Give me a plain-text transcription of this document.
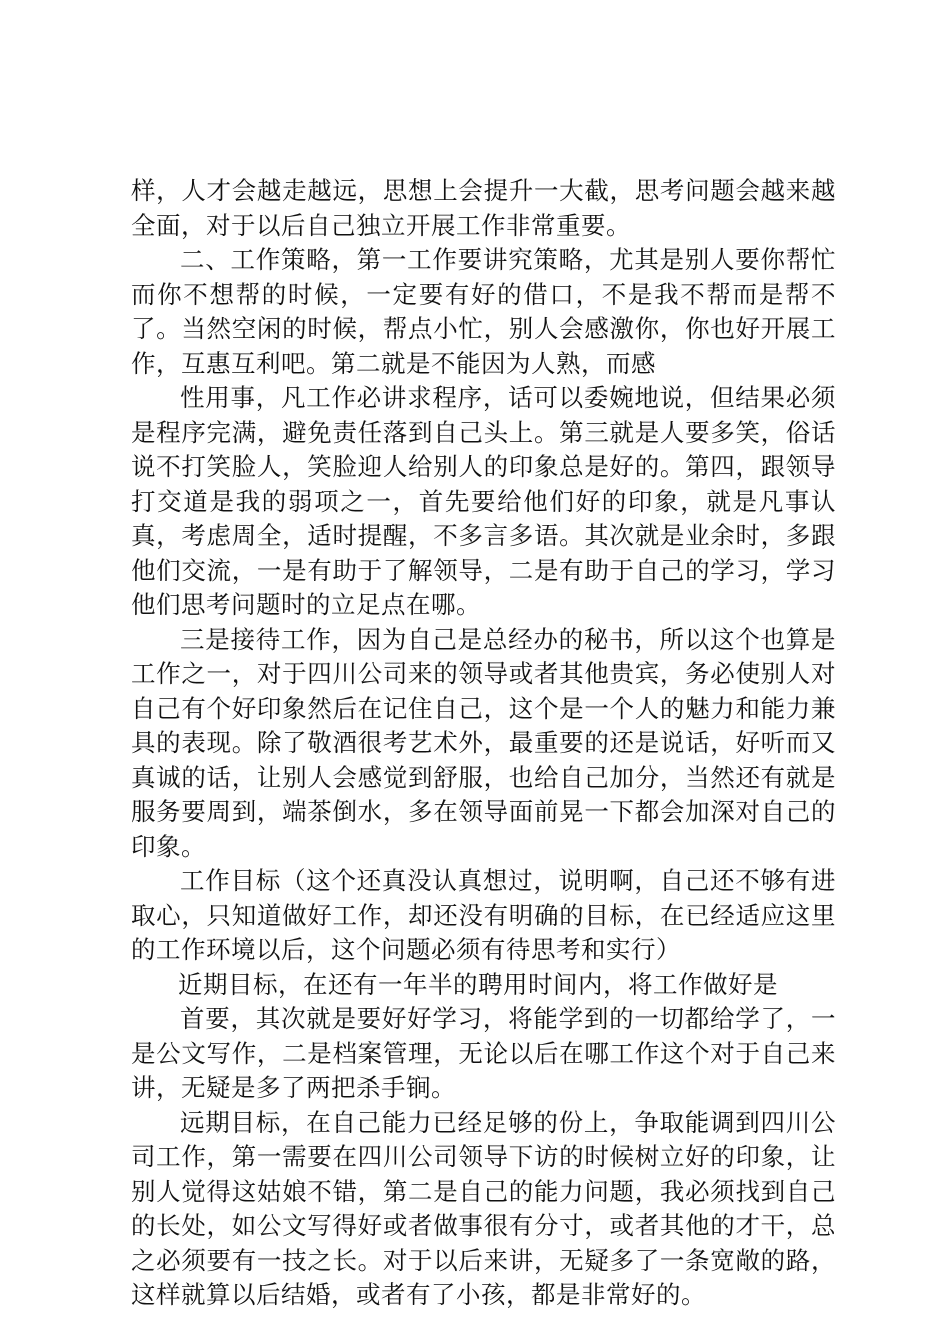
样，人才会越走越远，思想上会提升一大截，思考问题会越来越全面，对于以后自己独立开展工作非常重要。

二、工作策略，第一工作要讲究策略，尤其是别人要你帮忙而你不想帮的时候，一定要有好的借口，不是我不帮而是帮不了。当然空闲的时候，帮点小忙，别人会感激你，你也好开展工作，互惠互利吧。第二就是不能因为人熟，而感

性用事，凡工作必讲求程序，话可以委婉地说，但结果必须是程序完满，避免责任落到自己头上。第三就是人要多笑，俗话说不打笑脸人，笑脸迎人给别人的印象总是好的。第四，跟领导打交道是我的弱项之一，首先要给他们好的印象，就是凡事认真，考虑周全，适时提醒，不多言多语。其次就是业余时，多跟他们交流，一是有助于了解领导，二是有助于自己的学习，学习他们思考问题时的立足点在哪。

三是接待工作，因为自己是总经办的秘书，所以这个也算是工作之一，对于四川公司来的领导或者其他贵宾，务必使别人对自己有个好印象然后在记住自己，这个是一个人的魅力和能力兼具的表现。除了敬酒很考艺术外，最重要的还是说话，好听而又真诚的话，让别人会感觉到舒服，也给自己加分，当然还有就是服务要周到，端茶倒水，多在领导面前晃一下都会加深对自己的印象。

工作目标（这个还真没认真想过，说明啊，自己还不够有进取心，只知道做好工作，却还没有明确的目标，在已经适应这里的工作环境以后，这个问题必须有待思考和实行）

近期目标，在还有一年半的聘用时间内，将工作做好是

首要，其次就是要好好学习，将能学到的一切都给学了，一是公文写作，二是档案管理，无论以后在哪工作这个对于自己来讲，无疑是多了两把杀手锏。

远期目标，在自己能力已经足够的份上，争取能调到四川公司工作，第一需要在四川公司领导下访的时候树立好的印象，让别人觉得这姑娘不错，第二是自己的能力问题，我必须找到自己的长处，如公文写得好或者做事很有分寸，或者其他的才干，总之必须要有一技之长。对于以后来讲，无疑多了一条宽敞的路，这样就算以后结婚，或者有了小孩，都是非常好的。
